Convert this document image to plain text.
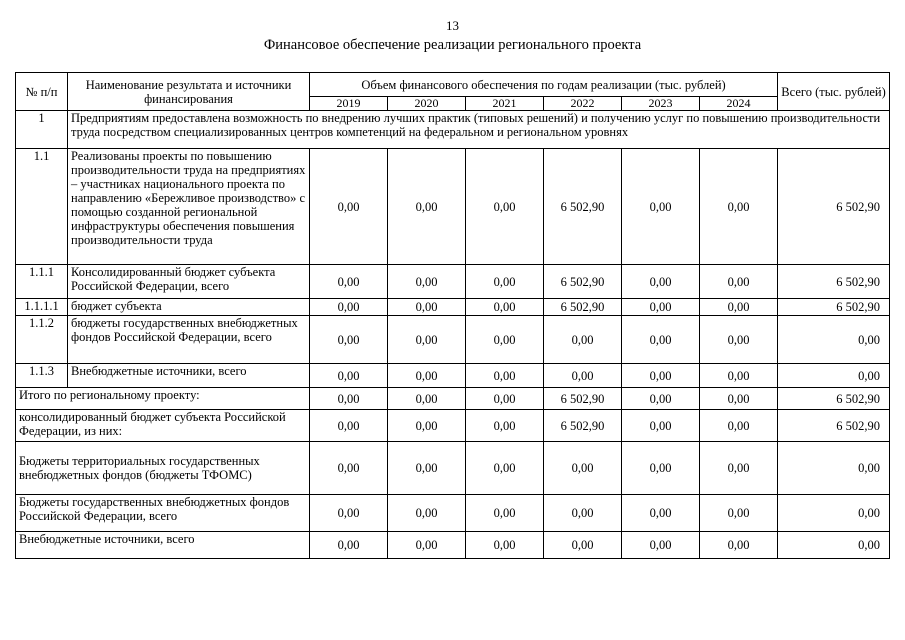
13
Финансовое обеспечение реализации регионального проекта
№ п/п	Наименование результата и источники финансирования	Объем финансового обеспечения по годам реализации (тыс. рублей)						Всего (тыс. рублей)
		2019	2020	2021	2022	2023	2024	
1	Предприятиям предоставлена возможность по внедрению лучших практик (типовых решений) и получению услуг по повышению производительности труда посредством специализированных центров компетенций на федеральном и региональном уровнях							
1.1	Реализованы проекты по повышению производительности труда на предприятиях – участниках национального проекта по направлению «Бережливое производство» с помощью созданной региональной инфраструктуры обеспечения повышения производительности труда	0,00	0,00	0,00	6 502,90	0,00	0,00	6 502,90
1.1.1	Консолидированный бюджет субъекта Российской Федерации, всего	0,00	0,00	0,00	6 502,90	0,00	0,00	6 502,90
1.1.1.1	бюджет субъекта	0,00	0,00	0,00	6 502,90	0,00	0,00	6 502,90
1.1.2	бюджеты государственных внебюджетных фондов Российской Федерации, всего	0,00	0,00	0,00	0,00	0,00	0,00	0,00
1.1.3	Внебюджетные источники, всего	0,00	0,00	0,00	0,00	0,00	0,00	0,00
Итого по региональному проекту:		0,00	0,00	0,00	6 502,90	0,00	0,00	6 502,90
консолидированный бюджет субъекта Российской Федерации, из них:		0,00	0,00	0,00	6 502,90	0,00	0,00	6 502,90
Бюджеты территориальных государственных внебюджетных фондов (бюджеты ТФОМС)		0,00	0,00	0,00	0,00	0,00	0,00	0,00
Бюджеты государственных внебюджетных фондов Российской Федерации, всего		0,00	0,00	0,00	0,00	0,00	0,00	0,00
Внебюджетные источники, всего		0,00	0,00	0,00	0,00	0,00	0,00	0,00
